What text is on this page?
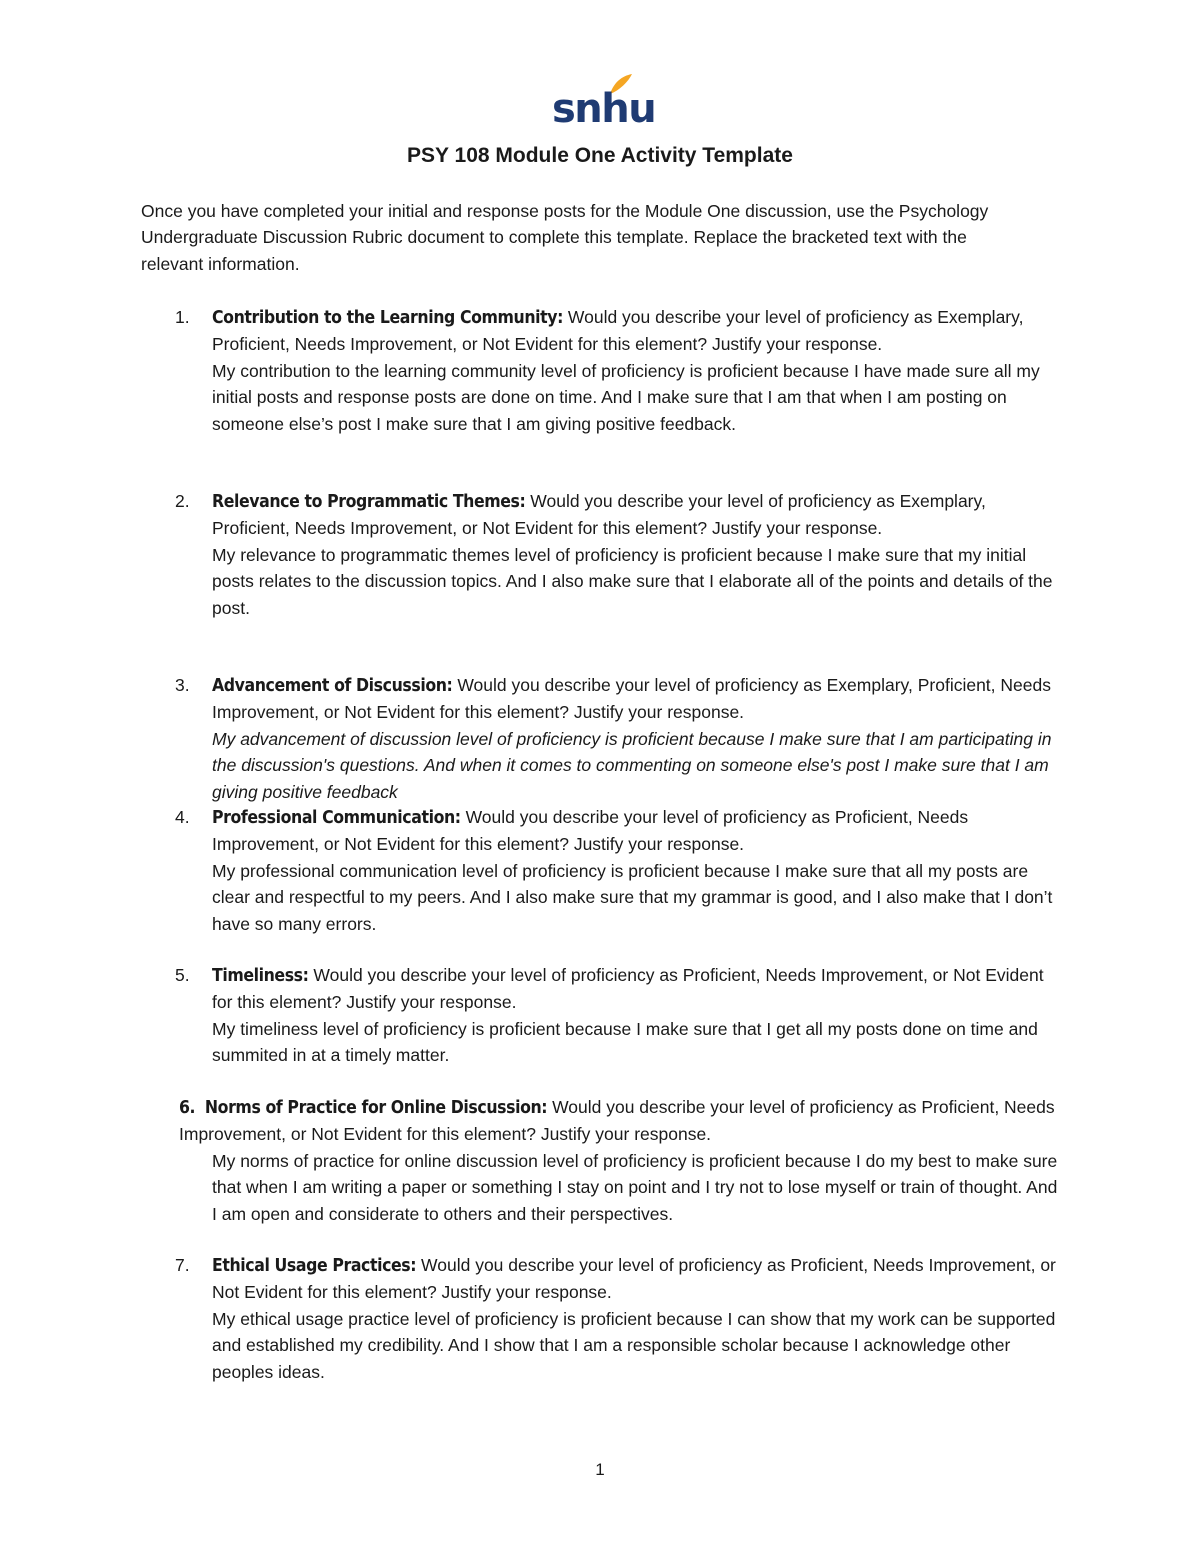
snhu
PSY 108 Module One Activity Template

Once you have completed your initial and response posts for the Module One discussion, use the Psychology Undergraduate Discussion Rubric document to complete this template. Replace the bracketed text with the relevant information.

1. Contribution to the Learning Community: Would you describe your level of proficiency as Exemplary, Proficient, Needs Improvement, or Not Evident for this element? Justify your response.
My contribution to the learning community level of proficiency is proficient because I have made sure all my initial posts and response posts are done on time. And I make sure that I am that when I am posting on someone else’s post I make sure that I am giving positive feedback.
2. Relevance to Programmatic Themes: Would you describe your level of proficiency as Exemplary, Proficient, Needs Improvement, or Not Evident for this element? Justify your response.
My relevance to programmatic themes level of proficiency is proficient because I make sure that my initial posts relates to the discussion topics. And I also make sure that I elaborate all of the points and details of the post.
3. Advancement of Discussion: Would you describe your level of proficiency as Exemplary, Proficient, Needs Improvement, or Not Evident for this element? Justify your response.
My advancement of discussion level of proficiency is proficient because I make sure that I am participating in the discussion's questions. And when it comes to commenting on someone else's post I make sure that I am giving positive feedback
4. Professional Communication: Would you describe your level of proficiency as Proficient, Needs Improvement, or Not Evident for this element? Justify your response.
My professional communication level of proficiency is proficient because I make sure that all my posts are clear and respectful to my peers. And I also make sure that my grammar is good, and I also make that I don’t have so many errors.
5. Timeliness: Would you describe your level of proficiency as Proficient, Needs Improvement, or Not Evident for this element? Justify your response.
My timeliness level of proficiency is proficient because I make sure that I get all my posts done on time and summited in at a timely matter.
6. Norms of Practice for Online Discussion: Would you describe your level of proficiency as Proficient, Needs Improvement, or Not Evident for this element? Justify your response.
My norms of practice for online discussion level of proficiency is proficient because I do my best to make sure that when I am writing a paper or something I stay on point and I try not to lose myself or train of thought. And I am open and considerate to others and their perspectives.
7. Ethical Usage Practices: Would you describe your level of proficiency as Proficient, Needs Improvement, or Not Evident for this element? Justify your response.
My ethical usage practice level of proficiency is proficient because I can show that my work can be supported and established my credibility. And I show that I am a responsible scholar because I acknowledge other peoples ideas.
1
